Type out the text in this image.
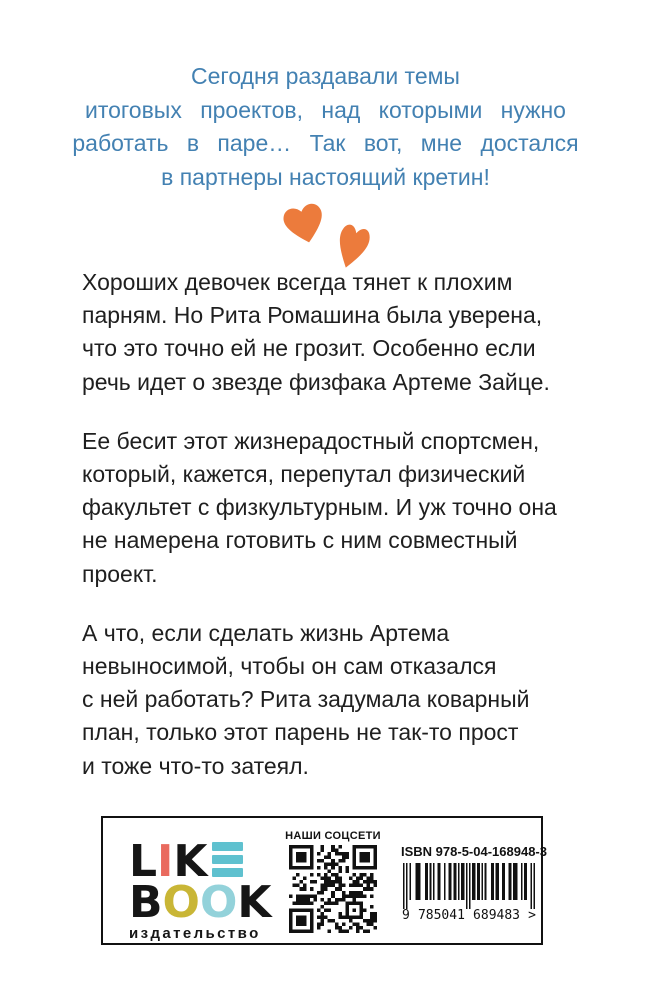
Сегодня раздавали темы
итоговых проектов, над которыми нужно
работать в паре… Так вот, мне достался
в партнеры настоящий кретин!
Хороших девочек всегда тянет к плохим
парням. Но Рита Ромашина была уверена,
что это точно ей не грозит. Особенно если
речь идет о звезде физфака Артеме Зайце.
Ее бесит этот жизнерадостный спортсмен,
который, кажется, перепутал физический
факультет с физкультурным. И уж точно она
не намерена готовить с ним совместный
проект.
А что, если сделать жизнь Артема
невыносимой, чтобы он сам отказался
с ней работать? Рита задумала коварный
план, только этот парень не так-то прост
и тоже что-то затеял.
L I K
B O O K
издательство
НАШИ СОЦСЕТИ
ISBN 978-5-04-168948-3
9 785041 689483 >
